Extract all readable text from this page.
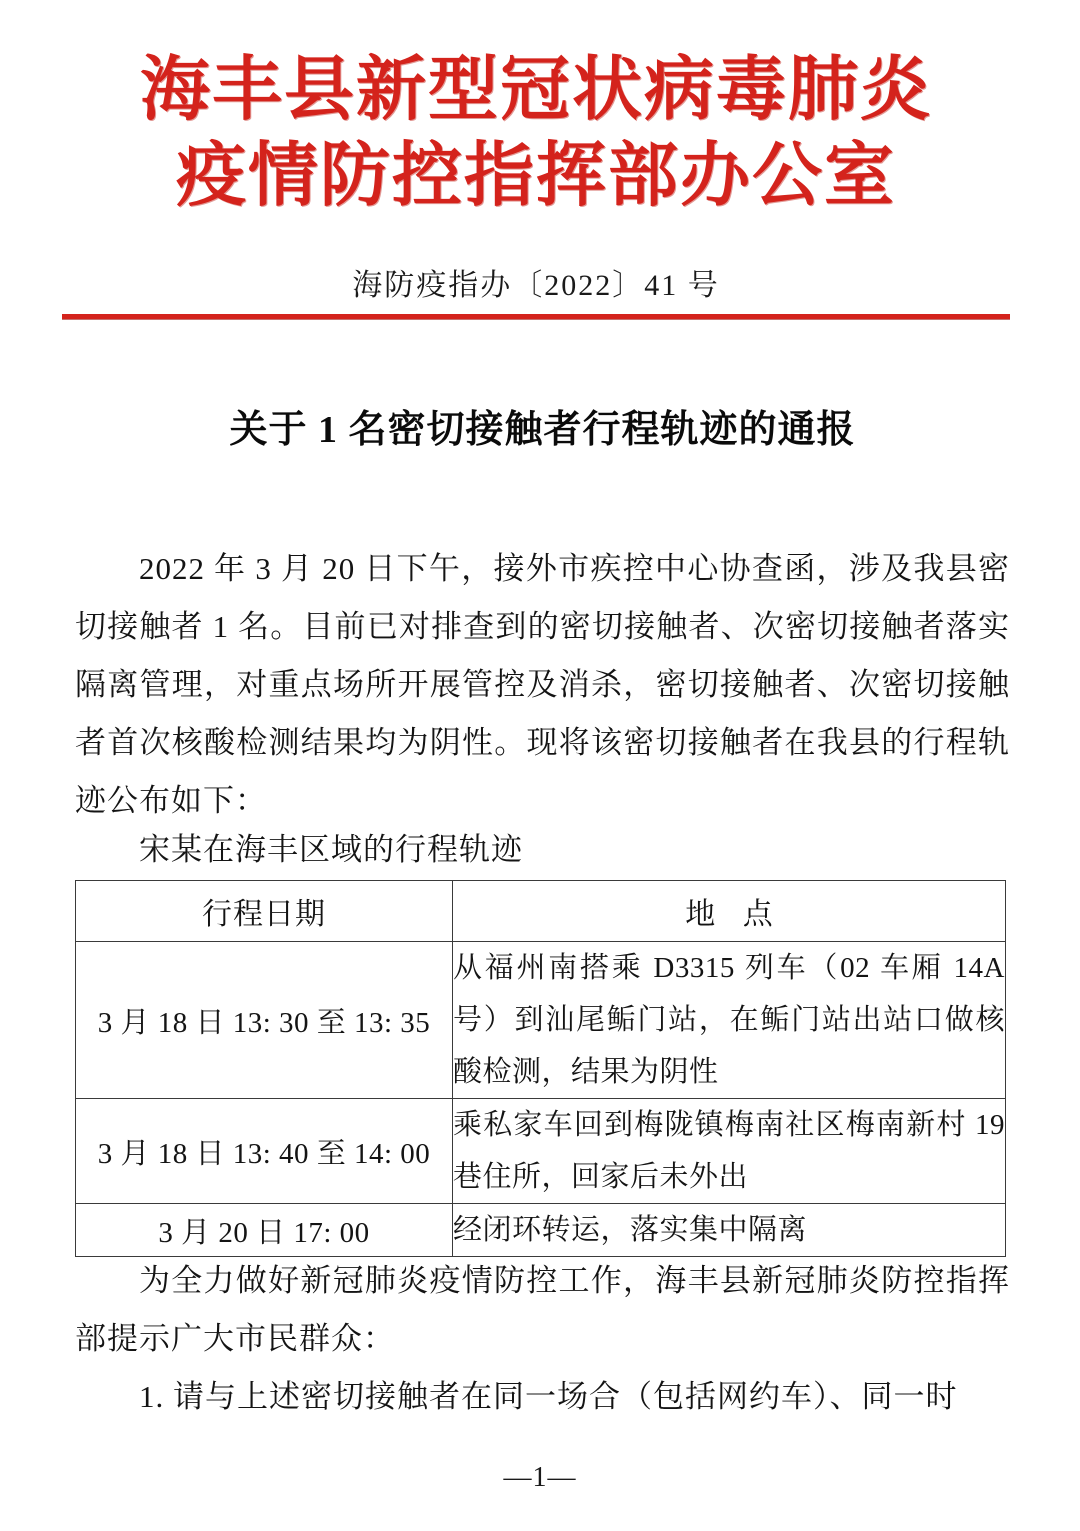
海丰县新型冠状病毒肺炎
疫情防控指挥部办公室
海防疫指办〔2022〕41 号
关于 1 名密切接触者行程轨迹的通报
2022 年 3 月 20 日下午，接外市疾控中心协查函，涉及我县密切接触者 1 名。目前已对排查到的密切接触者、次密切接触者落实隔离管理，对重点场所开展管控及消杀，密切接触者、次密切接触者首次核酸检测结果均为阴性。现将该密切接触者在我县的行程轨迹公布如下：
宋某在海丰区域的行程轨迹
行程日期	地 点
3 月 18 日 13: 30 至 13: 35	从福州南搭乘 D3315 列车（02 车厢 14A 号）到汕尾鲘门站，在鲘门站出站口做核酸检测，结果为阴性
3 月 18 日 13: 40 至 14: 00	乘私家车回到梅陇镇梅南社区梅南新村 19 巷住所，回家后未外出
3 月 20 日 17: 00	经闭环转运，落实集中隔离
为全力做好新冠肺炎疫情防控工作，海丰县新冠肺炎防控指挥部提示广大市民群众：
1. 请与上述密切接触者在同一场合（包括网约车）、同一时
—1—
